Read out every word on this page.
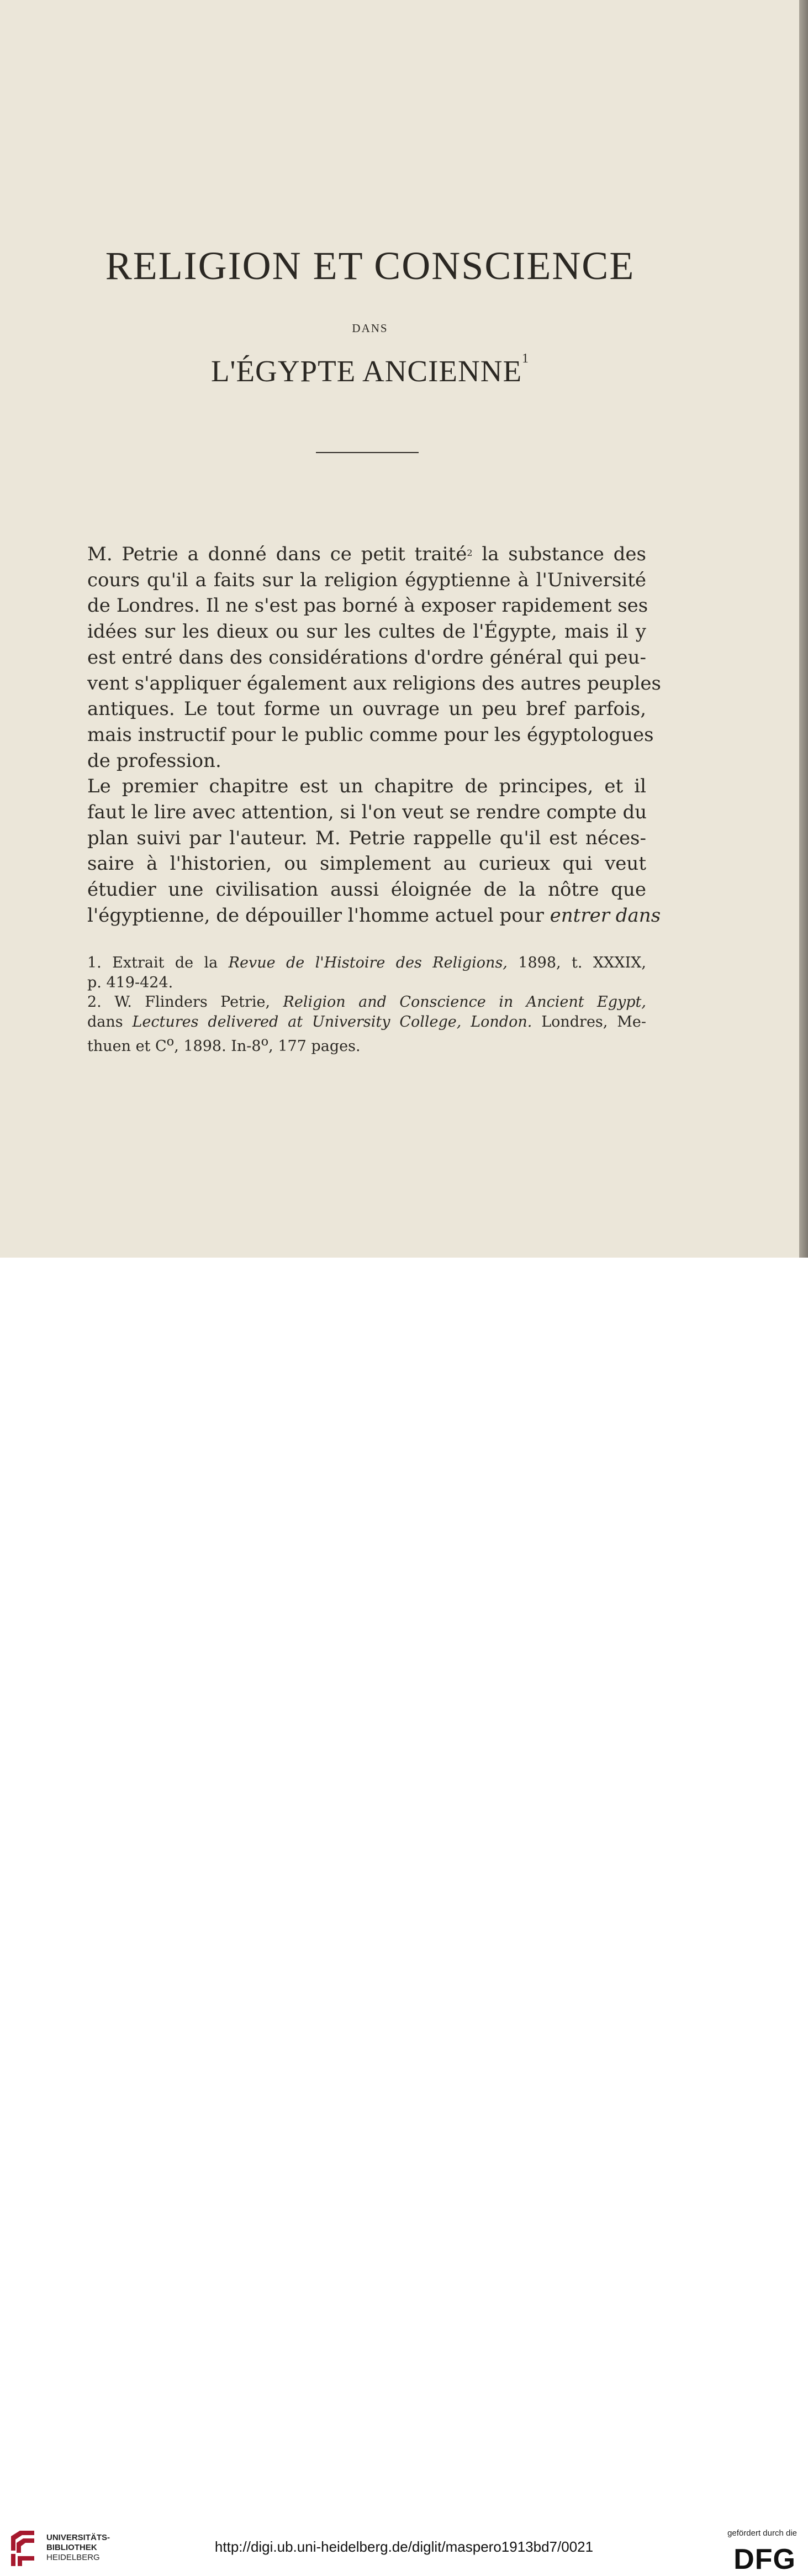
RELIGION ET CONSCIENCE
DANS
L'ÉGYPTE ANCIENNE$^1$
M. Petrie a donné dans ce petit traité$^2$ la substance des
cours qu'il a faits sur la religion égyptienne à l'Université
de Londres. Il ne s'est pas borné à exposer rapidement ses
idées sur les dieux ou sur les cultes de l'Égypte, mais il y
est entré dans des considérations d'ordre général qui peu-
vent s'appliquer également aux religions des autres peuples
antiques. Le tout forme un ouvrage un peu bref parfois,
mais instructif pour le public comme pour les égyptologues
de profession.
Le premier chapitre est un chapitre de principes, et il
faut le lire avec attention, si l'on veut se rendre compte du
plan suivi par l'auteur. M. Petrie rappelle qu'il est néces-
saire à l'historien, ou simplement au curieux qui veut
étudier une civilisation aussi éloignée de la nôtre que
l'égyptienne, de dépouiller l'homme actuel pour entrer dans
1. Extrait de la Revue de l'Histoire des Religions, 1898, t. XXXIX,
p. 419-424.
2. W. Flinders Petrie, Religion and Conscience in Ancient Egypt,
dans Lectures delivered at University College, London. Londres, Me-
thuen et $C^o$, 1898. In-8$^o$, 177 pages.
UNIVERSITÄTS-
BIBLIOTHEK
HEIDELBERG
http://digi.ub.uni-heidelberg.de/diglit/maspero1913bd7/0021
gefördert durch die
DFG
